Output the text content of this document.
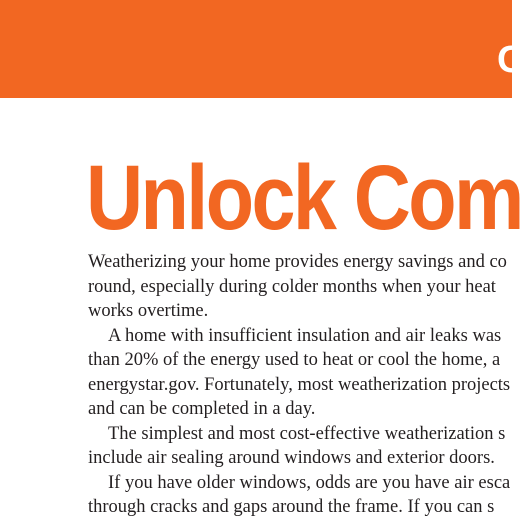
C
Unlock Com
Weatherizing your home provides energy savings and co
round, especially during colder months when your heat
works overtime.
A home with insufficient insulation and air leaks was
than 20% of the energy used to heat or cool the home, a
energystar.gov. Fortunately, most weatherization projects
and can be completed in a day.
The simplest and most cost-effective weatherization s
include air sealing around windows and exterior doors.
If you have older windows, odds are you have air esca
through cracks and gaps around the frame. If you can s
